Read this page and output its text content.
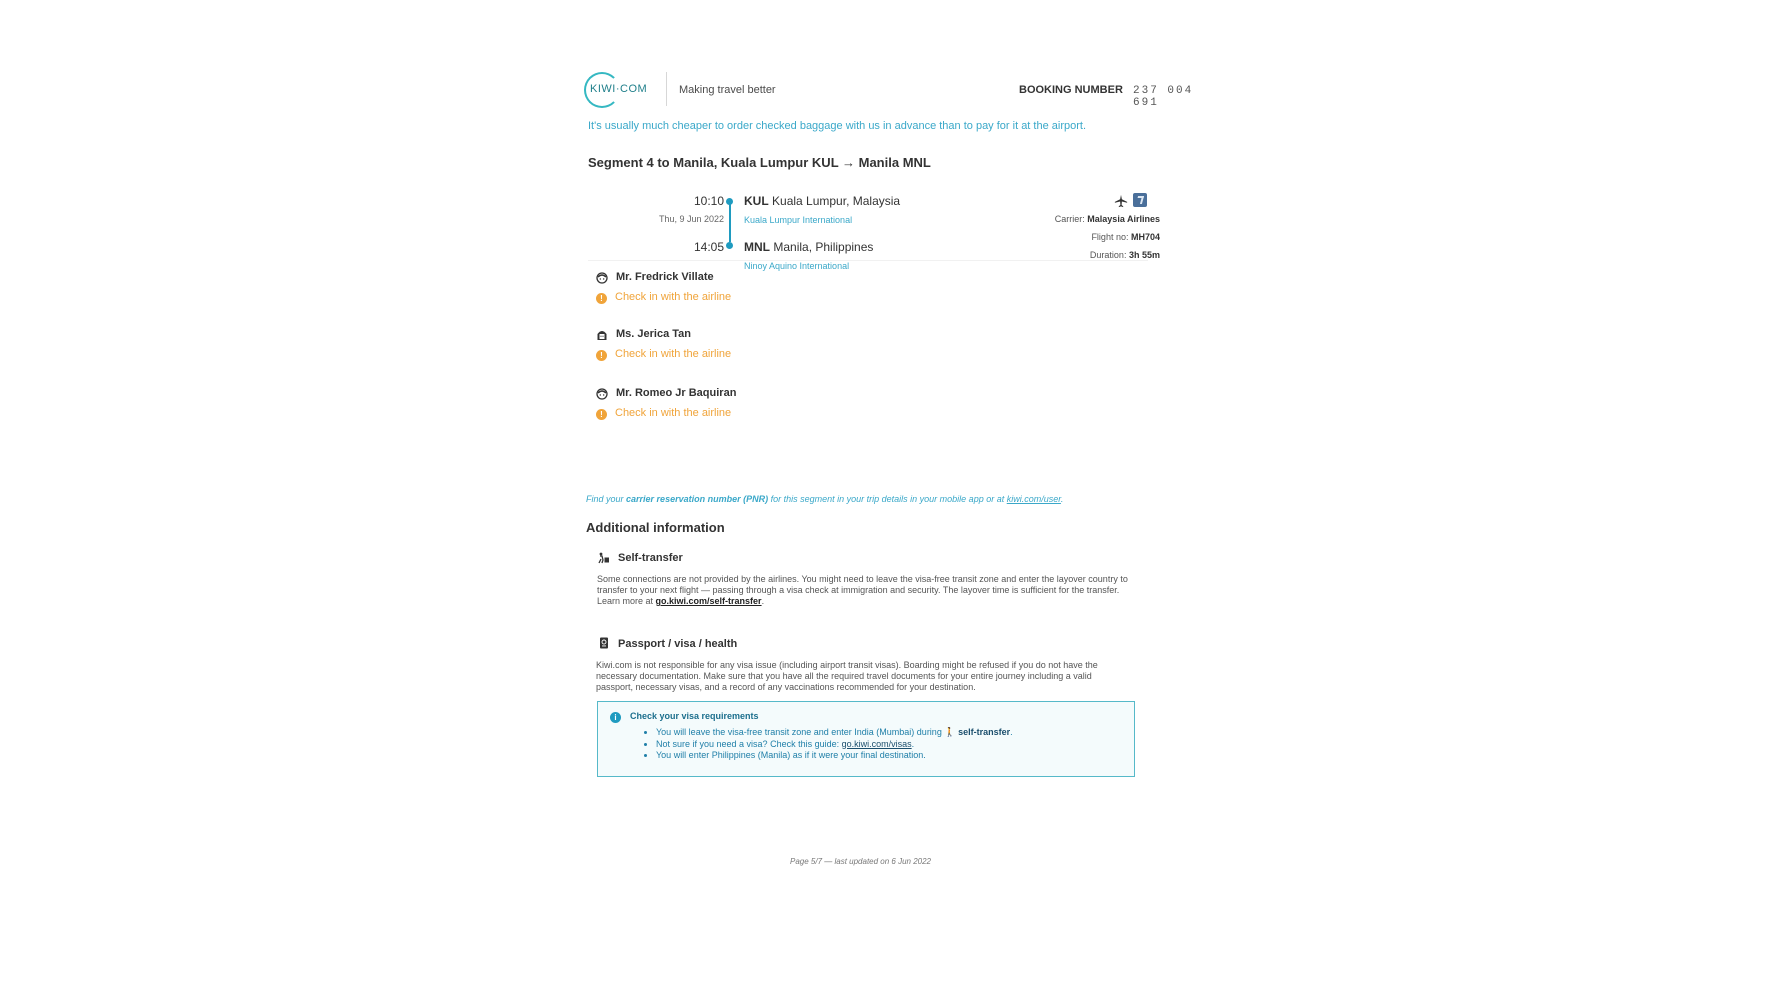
KIWI·COM	Making travel better	BOOKING NUMBER 237 004 691
It's usually much cheaper to order checked baggage with us in advance than to pay for it at the airport.
Segment 4 to Manila, Kuala Lumpur KUL → Manila MNL
10:10
Thu, 9 Jun 2022
14:05
KUL Kuala Lumpur, Malaysia
Kuala Lumpur International
MNL Manila, Philippines
Ninoy Aquino International
Carrier: Malaysia Airlines
Flight no: MH704
Duration: 3h 55m
Mr. Fredrick Villate
!	Check in with the airline
Ms. Jerica Tan
!	Check in with the airline
Mr. Romeo Jr Baquiran
!	Check in with the airline
Find your carrier reservation number (PNR) for this segment in your trip details in your mobile app or at kiwi.com/user.
Additional information
Self-transfer
Some connections are not provided by the airlines. You might need to leave the visa-free transit zone and enter the layover country to transfer to your next flight — passing through a visa check at immigration and security. The layover time is sufficient for the transfer. Learn more at go.kiwi.com/self-transfer.
Passport / visa / health
Kiwi.com is not responsible for any visa issue (including airport transit visas). Boarding might be refused if you do not have the necessary documentation. Make sure that you have all the required travel documents for your entire journey including a valid passport, necessary visas, and a record of any vaccinations recommended for your destination.
i	Check your visa requirements
• You will leave the visa-free transit zone and enter India (Mumbai) during 🚶 self-transfer.
• Not sure if you need a visa? Check this guide: go.kiwi.com/visas.
• You will enter Philippines (Manila) as if it were your final destination.
Page 5/7 — last updated on 6 Jun 2022
